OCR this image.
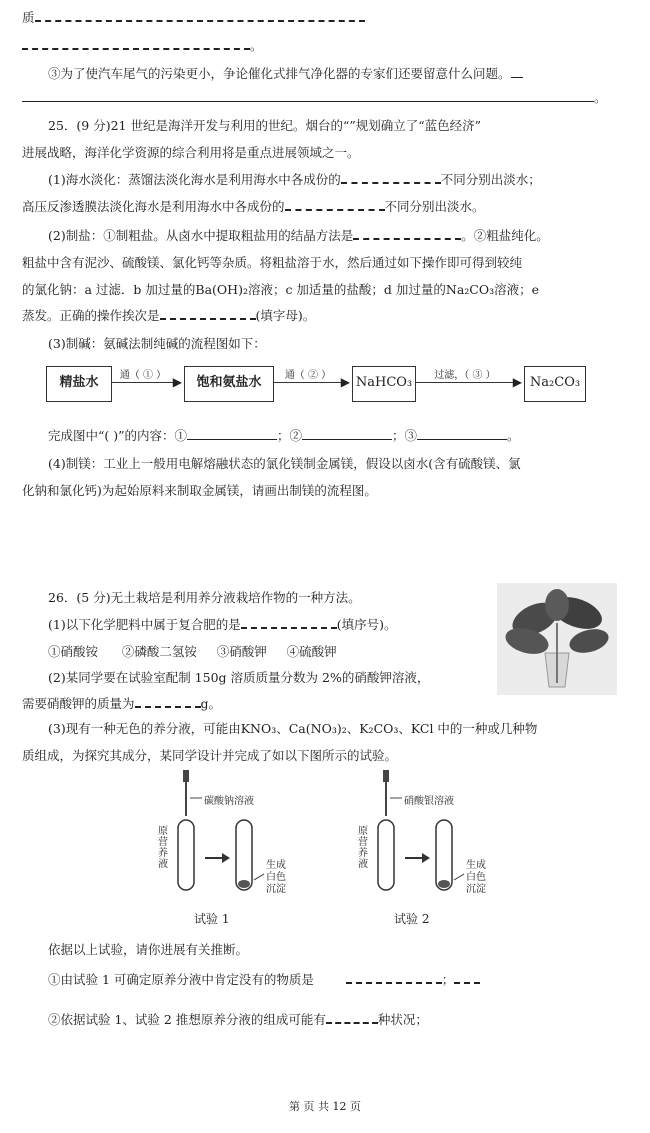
质
。
③为了使汽车尾气的污染更小，争论催化式排气净化器的专家们还要留意什么问题。
。
25．(9 分)21 世纪是海洋开发与利用的世纪。烟台的“”规划确立了“蓝色经济”
进展战略，海洋化学资源的综合利用将是重点进展领域之一。
(1)海水淡化：蒸馏法淡化海水是利用海水中各成份的	不同分别出淡水；
高压反渗透膜法淡化海水是利用海水中各成份的	不同分别出淡水。
(2)制盐：①制粗盐。从卤水中提取粗盐用的结晶方法是	。②粗盐纯化。
粗盐中含有泥沙、硫酸镁、氯化钙等杂质。将粗盐溶于水，然后通过如下操作即可得到较纯
的氯化钠：a 过滤．b 加过量的Ba(OH)₂溶液；c 加适量的盐酸；d 加过量的Na₂CO₃溶液；e
蒸发。正确的操作挨次是	(填字母)。
(3)制碱：氨碱法制纯碱的流程图如下：
精盐水	通（ ① ） ▶	饱和氨盐水	通（ ② ） ▶ NaHCO₃	过滤，（ ③ ）	▶ Na₂CO₃
完成图中“( )”的内容：①	；②	；③	。
(4)制镁：工业上一般用电解熔融状态的氯化镁制金属镁，假设以卤水(含有硫酸镁、氯
化钠和氯化钙)为起始原料来制取金属镁，请画出制镁的流程图。
26．(5 分)无土栽培是利用养分液栽培作物的一种方法。
(1)以下化学肥料中属于复合肥的是	(填序号)。
①硝酸铵 ②磷酸二氢铵 ③硝酸钾 ④硫酸钾
(2)某同学要在试验室配制 150g 溶质质量分数为 2%的硝酸钾溶液，
需要硝酸钾的质量为	g。
(3)现有一种无色的养分液，可能由KNO₃、Ca(NO₃)₂、K₂CO₃、KCl 中的一种或几种物
质组成，为探究其成分，某同学设计并完成了如以下图所示的试验。
碳酸钠溶液
原营养液	生成白色沉淀
试验 1
硝酸银溶液
原营养液	生成白色沉淀
试验 2
依据以上试验，请你进展有关推断。
①由试验 1 可确定原养分液中肯定没有的物质是	；
②依据试验 1、试验 2 推想原养分液的组成可能有	种状况；
第 页 共 12 页
